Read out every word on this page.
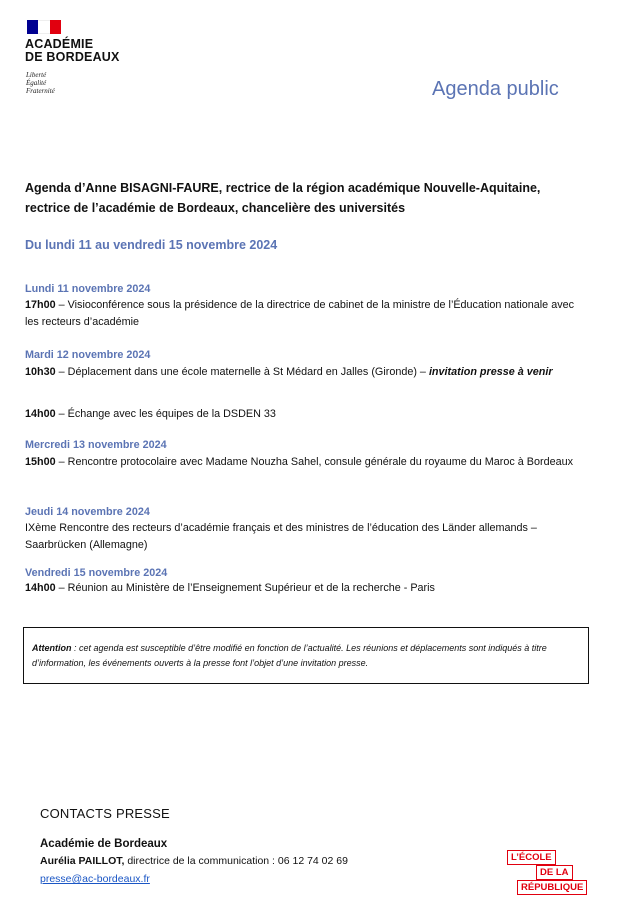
ACADÉMIE
DE BORDEAUX
Liberté
Égalité
Fraternité	Agenda public
Agenda d’Anne BISAGNI-FAURE, rectrice de la région académique Nouvelle-Aquitaine, rectrice de l’académie de Bordeaux, chancelière des universités
Du lundi 11 au vendredi 15 novembre 2024
Lundi 11 novembre 2024
17h00 – Visioconférence sous la présidence de la directrice de cabinet de la ministre de l’Éducation nationale avec les recteurs d’académie
Mardi 12 novembre 2024
10h30 – Déplacement dans une école maternelle à St Médard en Jalles (Gironde) – invitation presse à venir
14h00 – Échange avec les équipes de la DSDEN 33
Mercredi 13 novembre 2024
15h00 – Rencontre protocolaire avec Madame Nouzha Sahel, consule générale du royaume du Maroc à Bordeaux
Jeudi 14 novembre 2024
IXème Rencontre des recteurs d’académie français et des ministres de l’éducation des Länder allemands – Saarbrücken (Allemagne)
Vendredi 15 novembre 2024
14h00 – Réunion au Ministère de l’Enseignement Supérieur et de la recherche - Paris
Attention : cet agenda est susceptible d’être modifié en fonction de l’actualité. Les réunions et déplacements sont indiqués à titre d’information, les événements ouverts à la presse font l’objet d’une invitation presse.
CONTACTS PRESSE
Académie de Bordeaux
Aurélia PAILLOT, directrice de la communication : 06 12 74 02 69
presse@ac-bordeaux.fr
L’ÉCOLE
DE LA
RÉPUBLIQUE
